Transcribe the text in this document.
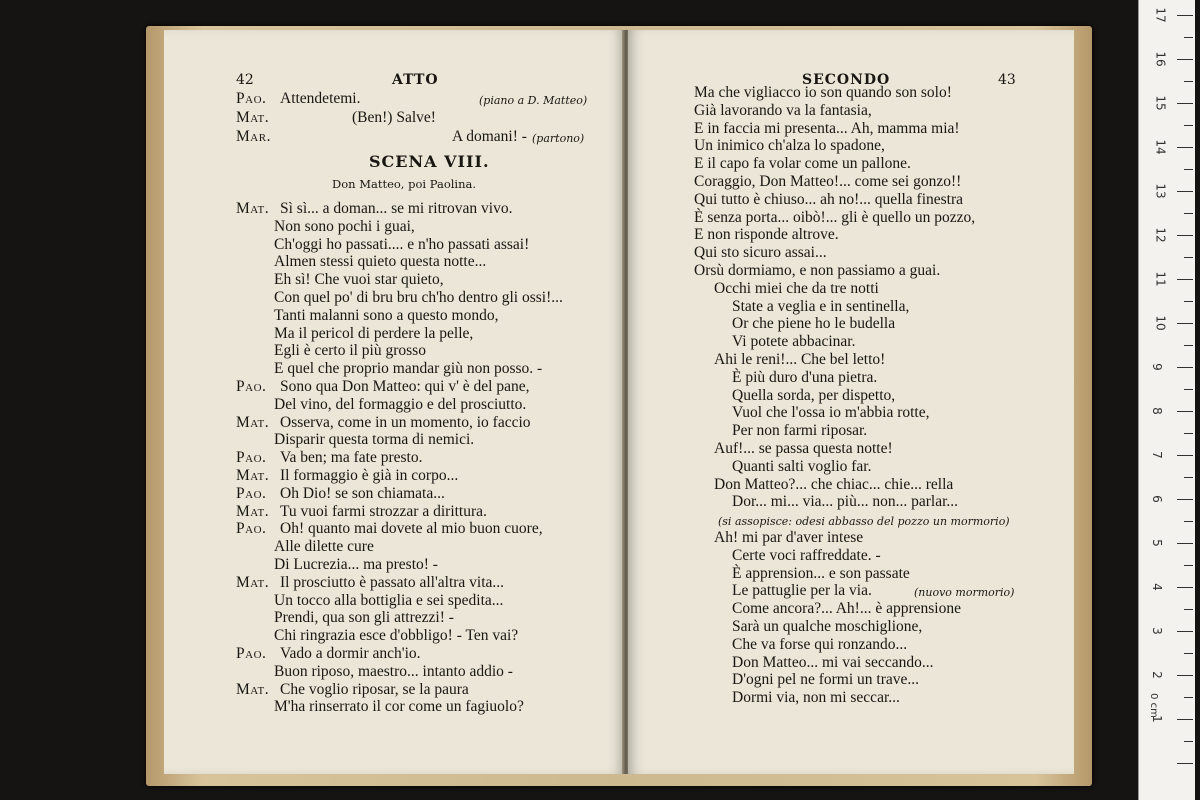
42	ATTO
SCENA VIII.
Don Matteo, poi Paolina.
Pao. Attendetemi.	(piano a D. Matteo)
Mat.	(Ben!) Salve!
Mar.	A domani! - (partono)
Mat. Sì sì... a doman... se mi ritrovan vivo.
Non sono pochi i guai,
Ch'oggi ho passati.... e n'ho passati assai!
Almen stessi quieto questa notte...
Eh sì! Che vuoi star quieto,
Con quel po' di bru bru ch'ho dentro gli ossi!...
Tanti malanni sono a questo mondo,
Ma il pericol di perdere la pelle,
Egli è certo il più grosso
E quel che proprio mandar giù non posso. -
Pao. Sono qua Don Matteo: qui v' è del pane,
Del vino, del formaggio e del prosciutto.
Mat. Osserva, come in un momento, io faccio
Disparir questa torma di nemici.
Pao. Va ben; ma fate presto.
Mat. Il formaggio è già in corpo...
Pao. Oh Dio! se son chiamata...
Mat. Tu vuoi farmi strozzar a dirittura.
Pao. Oh! quanto mai dovete al mio buon cuore,
Alle dilette cure
Di Lucrezia... ma presto! -
Mat. Il prosciutto è passato all'altra vita...
Un tocco alla bottiglia e sei spedita...
Prendi, qua son gli attrezzi! -
Chi ringrazia esce d'obbligo! - Ten vai?
Pao. Vado a dormir anch'io.
Buon riposo, maestro... intanto addio -
Mat. Che voglio riposar, se la paura
M'ha rinserrato il cor come un fagiuolo?
SECONDO	43
Ma che vigliacco io son quando son solo!
Già lavorando va la fantasia,
E in faccia mi presenta... Ah, mamma mia!
Un inimico ch'alza lo spadone,
E il capo fa volar come un pallone.
Coraggio, Don Matteo!... come sei gonzo!!
Qui tutto è chiuso... ah no!... quella finestra
È senza porta... oibò!... gli è quello un pozzo,
E non risponde altrove.
Qui sto sicuro assai...
Orsù dormiamo, e non passiamo a guai.
Occhi miei che da tre notti
State a veglia e in sentinella,
Or che piene ho le budella
Vi potete abbacinar.
Ahi le reni!... Che bel letto!
È più duro d'una pietra.
Quella sorda, per dispetto,
Vuol che l'ossa io m'abbia rotte,
Per non farmi riposar.
Auf!... se passa questa notte!
Quanti salti voglio far.
Don Matteo?... che chiac... chie... rella
Dor... mi... via... più... non... parlar...
(si assopisce: odesi abbasso del pozzo un mormorio)
Ah! mi par d'aver intese
Certe voci raffreddate. -
È apprension... e son passate
Le pattuglie per la via.	(nuovo mormorio)
Come ancora?... Ah!... è apprensione
Sarà un qualche moschiglione,
Che va forse qui ronzando...
Don Matteo... mi vai seccando...
D'ogni pel ne formi un trave...
Dormi via, non mi seccar...	0 cm
1
2
3
4
5
6
7
8
9
10
11
12
13
14
15
16
17
